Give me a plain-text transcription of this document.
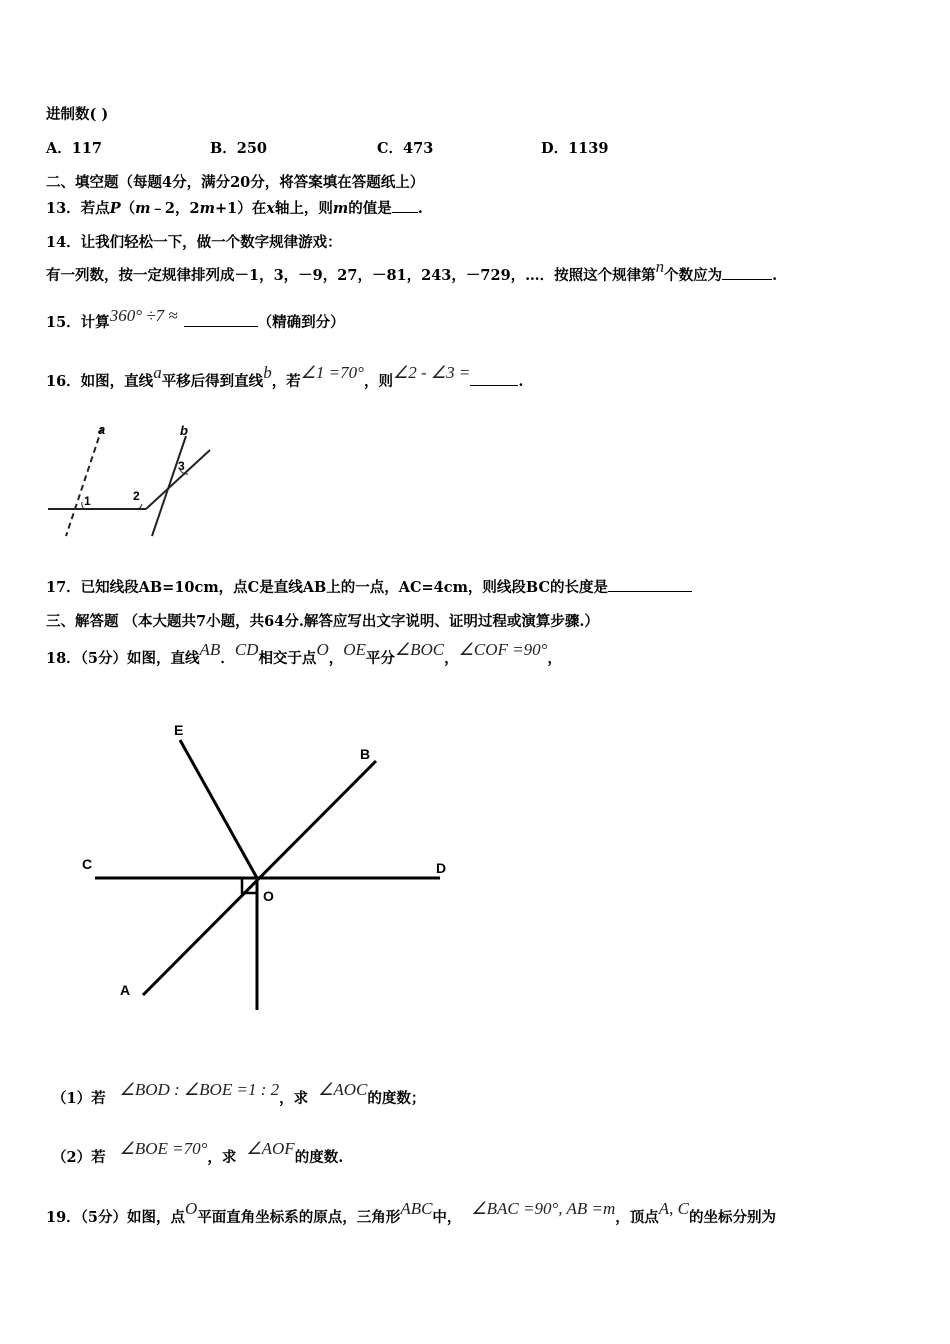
进制数( )
A．117	B．250	C．473	D．1139
二、填空题（每题4分，满分20分，将答案填在答题纸上）
13．若点P（m﹣2，2m+1）在x轴上，则m的值是 .
14．让我们轻松一下，做一个数字规律游戏：
有一列数，按一定规律排列成－1，3，－9，27，－81，243，－729，…．按照这个规律第n个数应为	.
15．计算360° ÷7 ≈	（精确到分）
16．如图，直线a平移后得到直线b，若∠1 =70°，则∠2 - ∠3 =	.
a	b
1	2
3
17．已知线段AB=10cm，点C是直线AB上的一点，AC=4cm，则线段BC的长度是
三、解答题 （本大题共7小题，共64分.解答应写出文字说明、证明过程或演算步骤.）
18．（5分）如图，直线AB．CD相交于点O，OE平分∠BOC，∠COF =90°，
E
B
C	D
O
A
（1）若 ∠BOD : ∠BOE =1 : 2，求 ∠AOC的度数；
（2）若 ∠BOE =70°，求 ∠AOF的度数.
19．（5分）如图，点O平面直角坐标系的原点，三角形ABC中， ∠BAC =90°, AB =m，顶点A, C的坐标分别为
